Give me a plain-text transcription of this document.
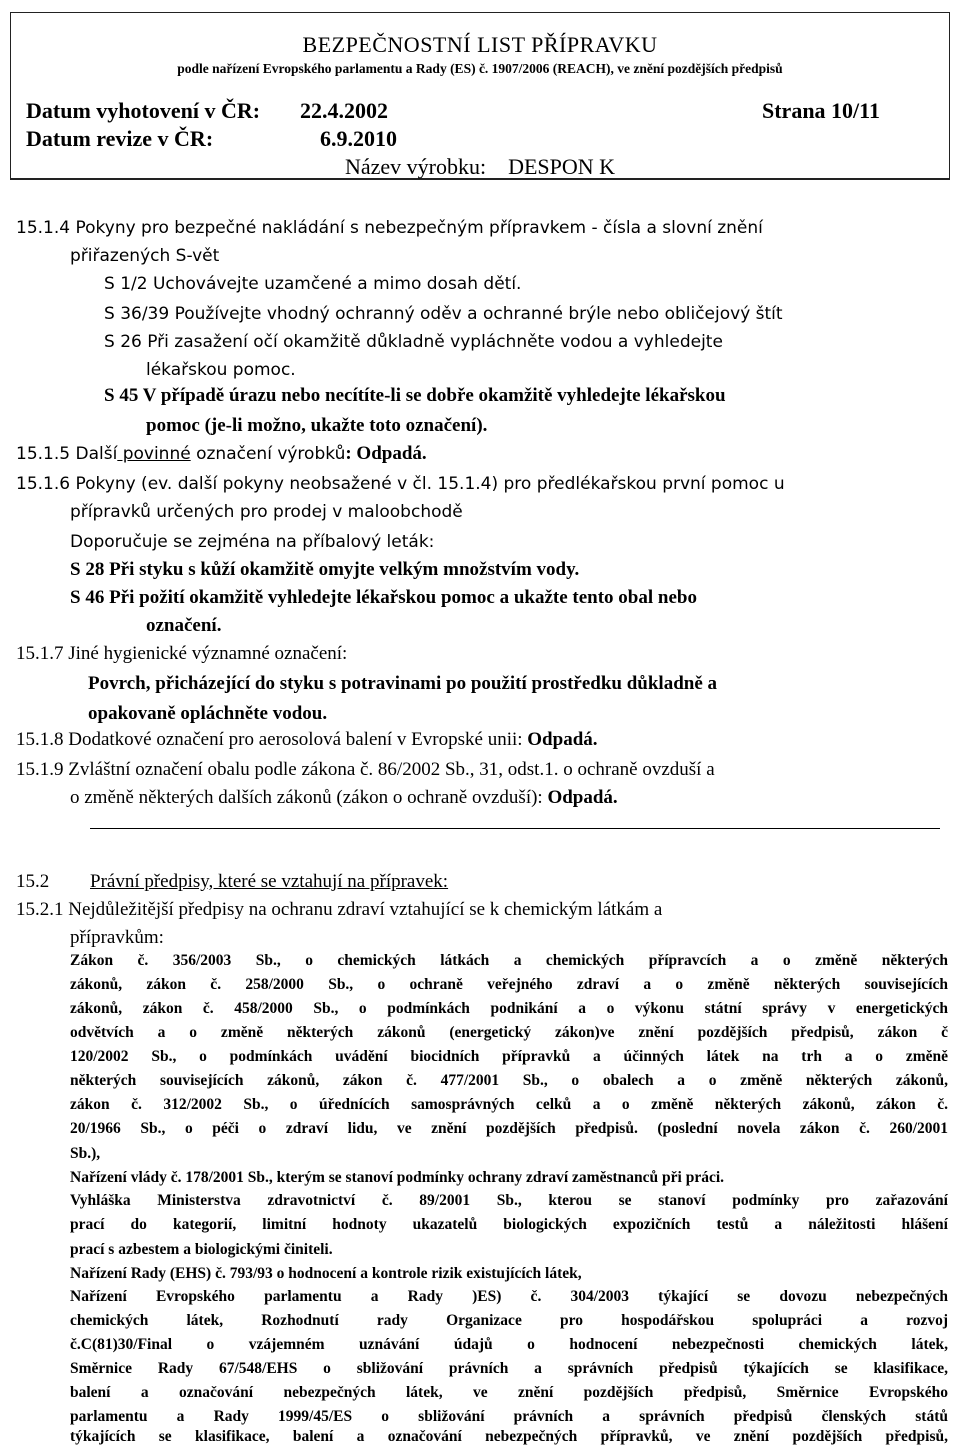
BEZPEČNOSTNÍ LIST PŘÍPRAVKU
podle nařízení Evropského parlamentu a Rady (ES) č. 1907/2006 (REACH), ve znění pozdějších předpisů
Datum vyhotovení v ČR: 22.4.2002
Datum revize v ČR:	6.9.2010
Strana 10/11
Název výrobku: DESPON K
15.1.4 Pokyny pro bezpečné nakládání s nebezpečným přípravkem - čísla a slovní znění
přiřazených S-vět
S 1/2 Uchovávejte uzamčené a mimo dosah dětí.
S 36/39 Používejte vhodný ochranný oděv a ochranné brýle nebo obličejový štít
S 26 Při zasažení očí okamžitě důkladně vypláchněte vodou a vyhledejte
lékařskou pomoc.
S 45 V případě úrazu nebo necítíte-li se dobře okamžitě vyhledejte lékařskou
pomoc (je-li možno, ukažte toto označení).
15.1.5 Další povinné označení výrobků: Odpadá.
15.1.6 Pokyny (ev. další pokyny neobsažené v čl. 15.1.4) pro předlékařskou první pomoc u
přípravků určených pro prodej v maloobchodě
Doporučuje se zejména na příbalový leták:
S 28 Při styku s kůží okamžitě omyjte velkým množstvím vody.
S 46 Při požití okamžitě vyhledejte lékařskou pomoc a ukažte tento obal nebo
označení.
15.1.7 Jiné hygienické významné označení:
Povrch, přicházející do styku s potravinami po použití prostředku důkladně a
opakovaně opláchněte vodou.
15.1.8 Dodatkové označení pro aerosolová balení v Evropské unii: Odpadá.
15.1.9 Zvláštní označení obalu podle zákona č. 86/2002 Sb., 31, odst.1. o ochraně ovzduší a
o změně některých dalších zákonů (zákon o ochraně ovzduší): Odpadá.
15.2 Právní předpisy, které se vztahují na přípravek:
15.2.1 Nejdůležitější předpisy na ochranu zdraví vztahující se k chemickým látkám a
přípravkům:
Zákon č. 356/2003 Sb., o chemických látkách a chemických přípravcích a o změně některých
zákonů, zákon č. 258/2000 Sb., o ochraně veřejného zdraví a o změně některých souvisejících
zákonů, zákon č. 458/2000 Sb., o podmínkách podnikání a o výkonu státní správy v energetických
odvětvích a o změně některých zákonů (energetický zákon)ve znění pozdějších předpisů, zákon č
120/2002 Sb., o podmínkách uvádění biocidních přípravků a účinných látek na trh a o změně
některých souvisejících zákonů, zákon č. 477/2001 Sb., o obalech a o změně některých zákonů,
zákon č. 312/2002 Sb., o úřednících samosprávných celků a o změně některých zákonů, zákon č.
20/1966 Sb., o péči o zdraví lidu, ve znění pozdějších předpisů. (poslední novela zákon č. 260/2001
Sb.),
Nařízení vlády č. 178/2001 Sb., kterým se stanoví podmínky ochrany zdraví zaměstnanců při práci.
Vyhláška Ministerstva zdravotnictví č. 89/2001 Sb., kterou se stanoví podmínky pro zařazování
prací do kategorií, limitní hodnoty ukazatelů biologických expozičních testů a náležitosti hlášení
prací s azbestem a biologickými činiteli.
Nařízení Rady (EHS) č. 793/93 o hodnocení a kontrole rizik existujících látek,
Nařízení Evropského parlamentu a Rady )ES) č. 304/2003 týkající se dovozu nebezpečných
chemických látek, Rozhodnutí rady Organizace pro hospodářskou spolupráci a rozvoj
č.C(81)30/Final o vzájemném uznávání údajů o hodnocení nebezpečnosti chemických látek,
Směrnice Rady 67/548/EHS o sbližování právních a správních předpisů týkajících se klasifikace,
balení a označování nebezpečných látek, ve znění pozdějších předpisů, Směrnice Evropského
parlamentu a Rady 1999/45/ES o sbližování právních a správních předpisů členských států
týkajících se klasifikace, balení a označování nebezpečných přípravků, ve znění pozdějších předpisů,
